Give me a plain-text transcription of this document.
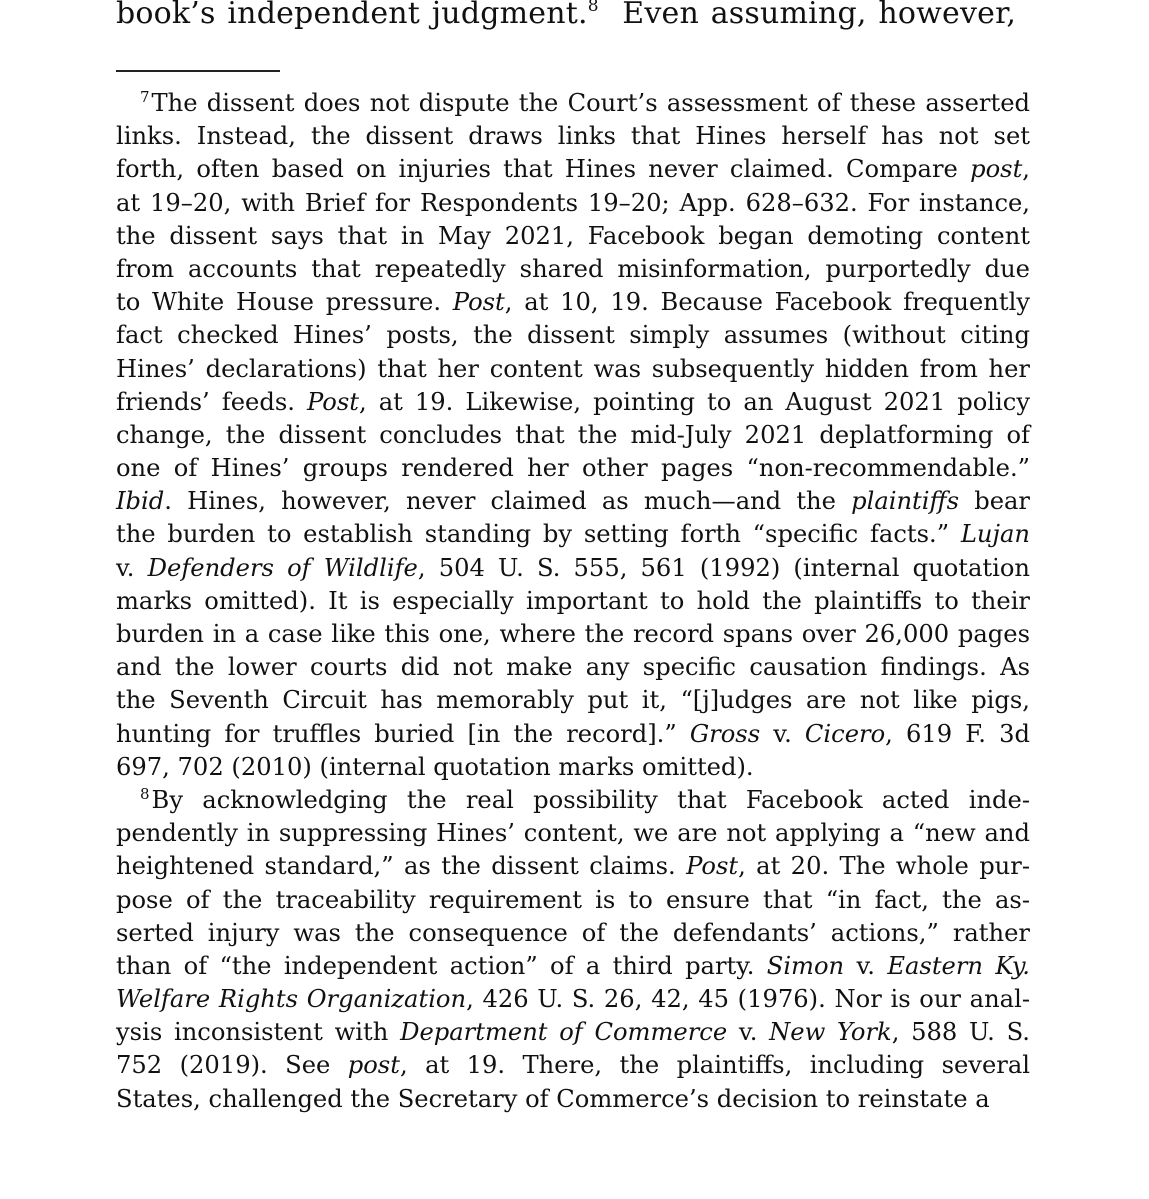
book’s independent judgment.$^8$ Even assuming, however,
$^7$The dissent does not dispute the Court’s assessment of these asserted
links. Instead, the dissent draws links that Hines herself has not set
forth, often based on injuries that Hines never claimed. Compare post,
at 19–20, with Brief for Respondents 19–20; App. 628–632. For instance,
the dissent says that in May 2021, Facebook began demoting content
from accounts that repeatedly shared misinformation, purportedly due
to White House pressure. Post, at 10, 19. Because Facebook frequently
fact checked Hines’ posts, the dissent simply assumes (without citing
Hines’ declarations) that her content was subsequently hidden from her
friends’ feeds. Post, at 19. Likewise, pointing to an August 2021 policy
change, the dissent concludes that the mid-July 2021 deplatforming of
one of Hines’ groups rendered her other pages “non-recommendable.”
Ibid. Hines, however, never claimed as much—and the plaintiffs bear
the burden to establish standing by setting forth “specific facts.” Lujan
v. Defenders of Wildlife, 504 U. S. 555, 561 (1992) (internal quotation
marks omitted). It is especially important to hold the plaintiffs to their
burden in a case like this one, where the record spans over 26,000 pages
and the lower courts did not make any specific causation findings. As
the Seventh Circuit has memorably put it, “[j]udges are not like pigs,
hunting for truffles buried [in the record].” Gross v. Cicero, 619 F. 3d
697, 702 (2010) (internal quotation marks omitted).
$^8$By acknowledging the real possibility that Facebook acted inde-
pendently in suppressing Hines’ content, we are not applying a “new and
heightened standard,” as the dissent claims. Post, at 20. The whole pur-
pose of the traceability requirement is to ensure that “in fact, the as-
serted injury was the consequence of the defendants’ actions,” rather
than of “the independent action” of a third party. Simon v. Eastern Ky.
Welfare Rights Organization, 426 U. S. 26, 42, 45 (1976). Nor is our anal-
ysis inconsistent with Department of Commerce v. New York, 588 U. S.
752 (2019). See post, at 19. There, the plaintiffs, including several
States, challenged the Secretary of Commerce’s decision to reinstate a
